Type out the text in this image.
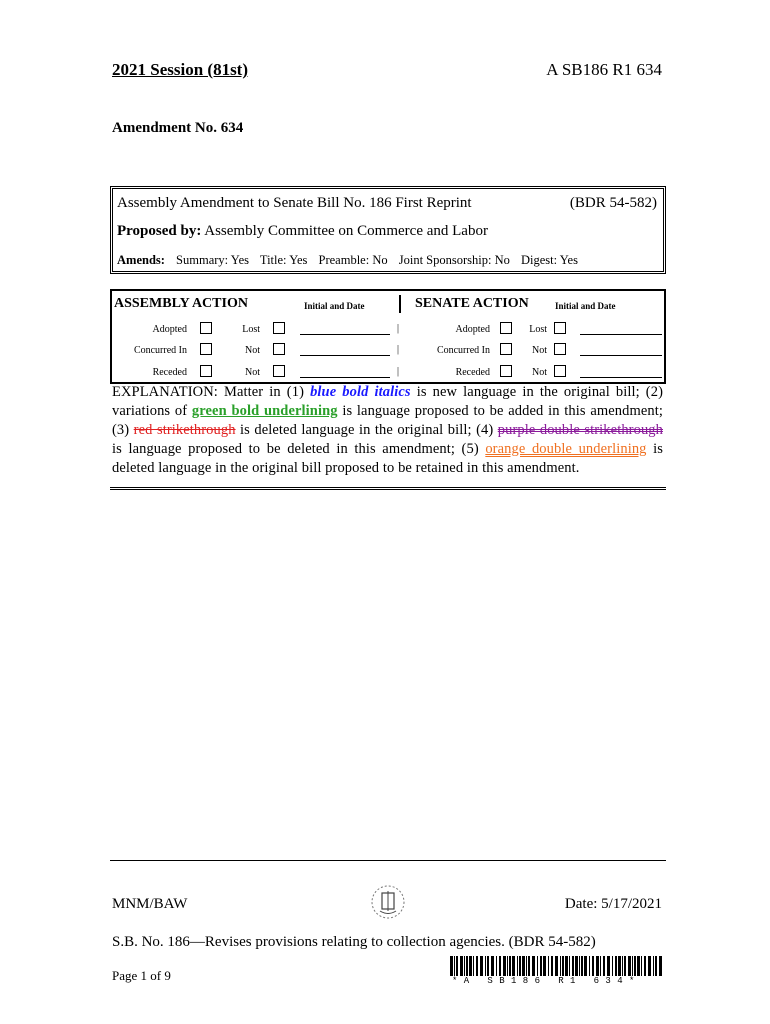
2021 Session (81st)	A SB186 R1 634
Amendment No. 634
Assembly Amendment to Senate Bill No. 186 First Reprint	(BDR 54-582)
Proposed by: Assembly Committee on Commerce and Labor
Amends: Summary: Yes Title: Yes Preamble: No Joint Sponsorship: No Digest: Yes
ASSEMBLY ACTION	Initial and Date	SENATE ACTION	Initial and Date
Adopted	Lost	|	Adopted	Lost
Concurred In	Not	|	Concurred In	Not
Receded	Not	|	Receded	Not
EXPLANATION: Matter in (1) blue bold italics is new language in the original bill; (2) variations of green bold underlining is language proposed to be added in this amendment; (3) red strikethrough is deleted language in the original bill; (4) purple double strikethrough is language proposed to be deleted in this amendment; (5) orange double underlining is deleted language in the original bill proposed to be retained in this amendment.
MNM/BAW	Date: 5/17/2021
S.B. No. 186—Revises provisions relating to collection agencies. (BDR 54-582)
Page 1 of 9	* A   S B 1 8 6   R 1   6 3 4 *
